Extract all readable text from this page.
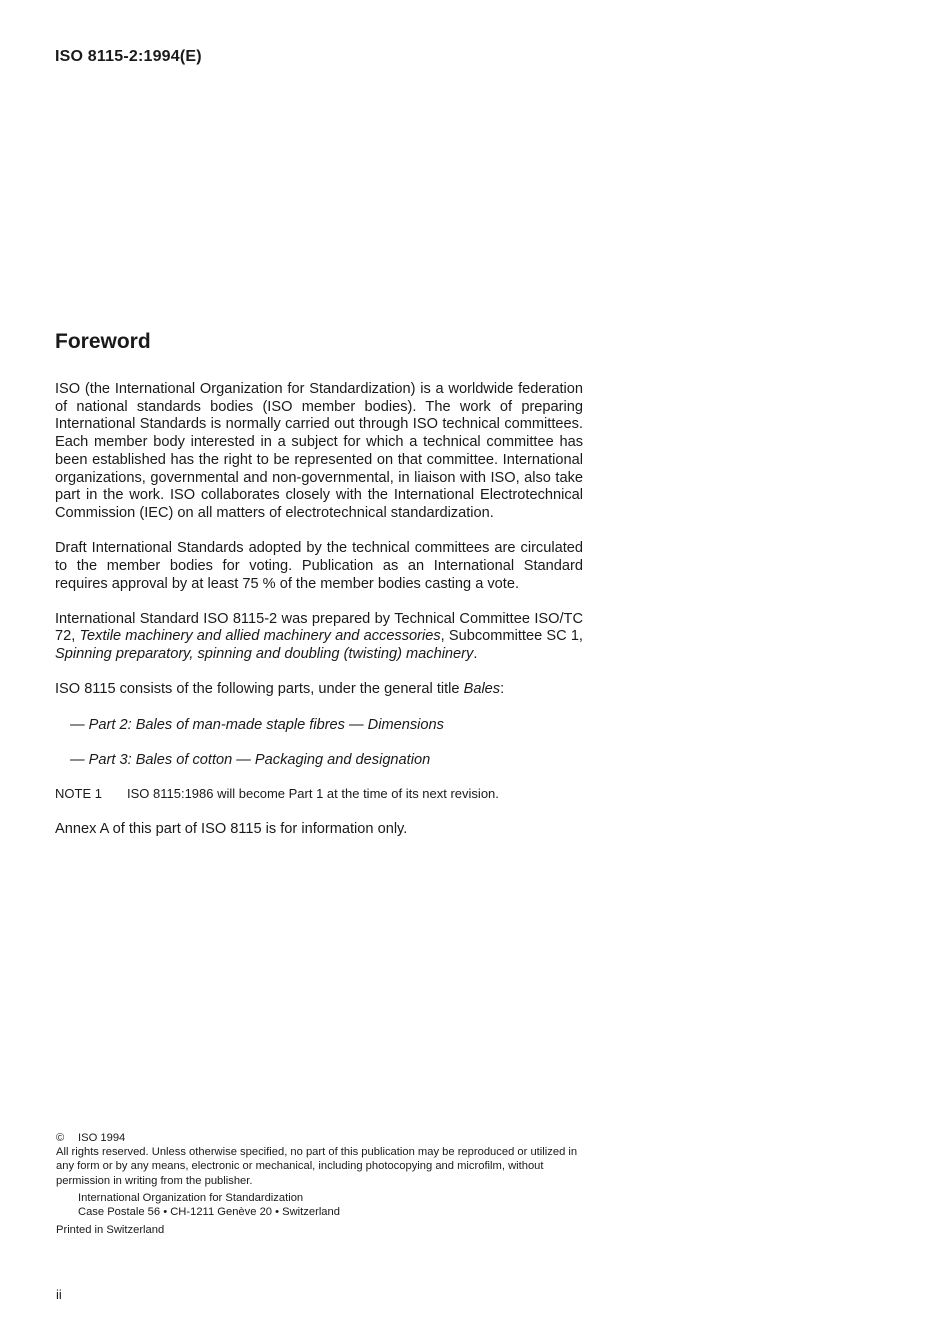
ISO 8115-2:1994(E)
Foreword

ISO (the International Organization for Standardization) is a worldwide federation of national standards bodies (ISO member bodies). The work of preparing International Standards is normally carried out through ISO technical committees. Each member body interested in a subject for which a technical committee has been established has the right to be represented on that committee. International organizations, governmental and non-governmental, in liaison with ISO, also take part in the work. ISO collaborates closely with the International Electrotechnical Commission (IEC) on all matters of electrotechnical standardization.

Draft International Standards adopted by the technical committees are circulated to the member bodies for voting. Publication as an International Standard requires approval by at least 75 % of the member bodies casting a vote.

International Standard ISO 8115-2 was prepared by Technical Committee ISO/TC 72, Textile machinery and allied machinery and accessories, Subcommittee SC 1, Spinning preparatory, spinning and doubling (twisting) machinery.

ISO 8115 consists of the following parts, under the general title Bales:

— Part 2: Bales of man-made staple fibres — Dimensions

— Part 3: Bales of cotton — Packaging and designation

NOTE 1 ISO 8115:1986 will become Part 1 at the time of its next revision.

Annex A of this part of ISO 8115 is for information only.

© ISO 1994

All rights reserved. Unless otherwise specified, no part of this publication may be reproduced or utilized in any form or by any means, electronic or mechanical, including photocopying and microfilm, without permission in writing from the publisher.

International Organization for Standardization

Case Postale 56 • CH-1211 Genève 20 • Switzerland

Printed in Switzerland

ii
